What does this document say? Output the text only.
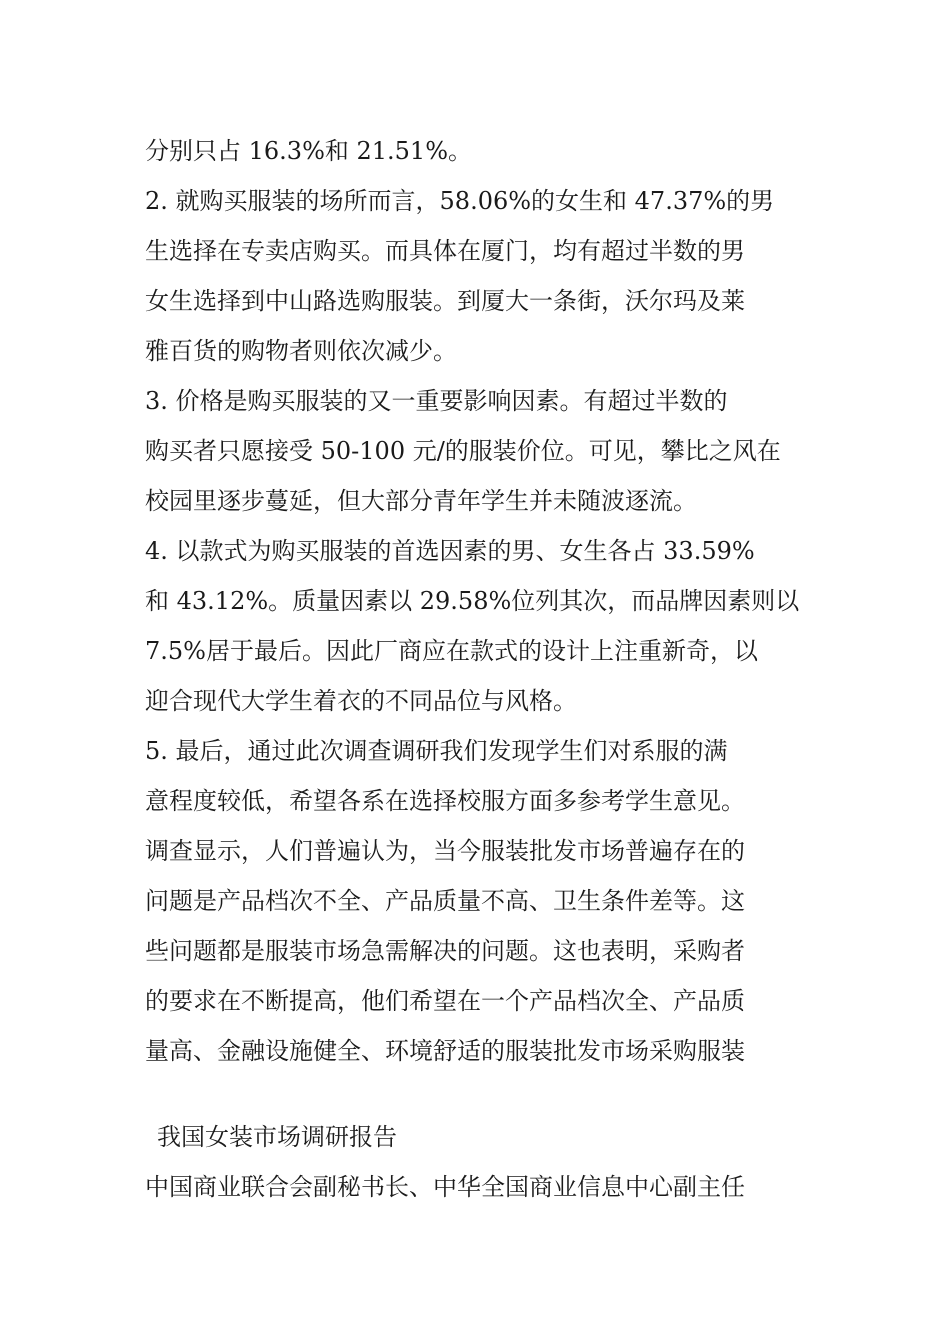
分别只占 16.3%和 21.51%。
2. 就购买服装的场所而言，58.06%的女生和 47.37%的男
生选择在专卖店购买。而具体在厦门，均有超过半数的男
女生选择到中山路选购服装。到厦大一条街，沃尔玛及莱
雅百货的购物者则依次减少。
3. 价格是购买服装的又一重要影响因素。有超过半数的
购买者只愿接受 50-100 元/的服装价位。可见，攀比之风在
校园里逐步蔓延，但大部分青年学生并未随波逐流。
4. 以款式为购买服装的首选因素的男、女生各占 33.59%
和 43.12%。质量因素以 29.58%位列其次，而品牌因素则以
7.5%居于最后。因此厂商应在款式的设计上注重新奇，以
迎合现代大学生着衣的不同品位与风格。
5. 最后，通过此次调查调研我们发现学生们对系服的满
意程度较低，希望各系在选择校服方面多参考学生意见。
调查显示，人们普遍认为，当今服装批发市场普遍存在的
问题是产品档次不全、产品质量不高、卫生条件差等。这
些问题都是服装市场急需解决的问题。这也表明，采购者
的要求在不断提高，他们希望在一个产品档次全、产品质
量高、金融设施健全、环境舒适的服装批发市场采购服装
我国女装市场调研报告
中国商业联合会副秘书长、中华全国商业信息中心副主任
